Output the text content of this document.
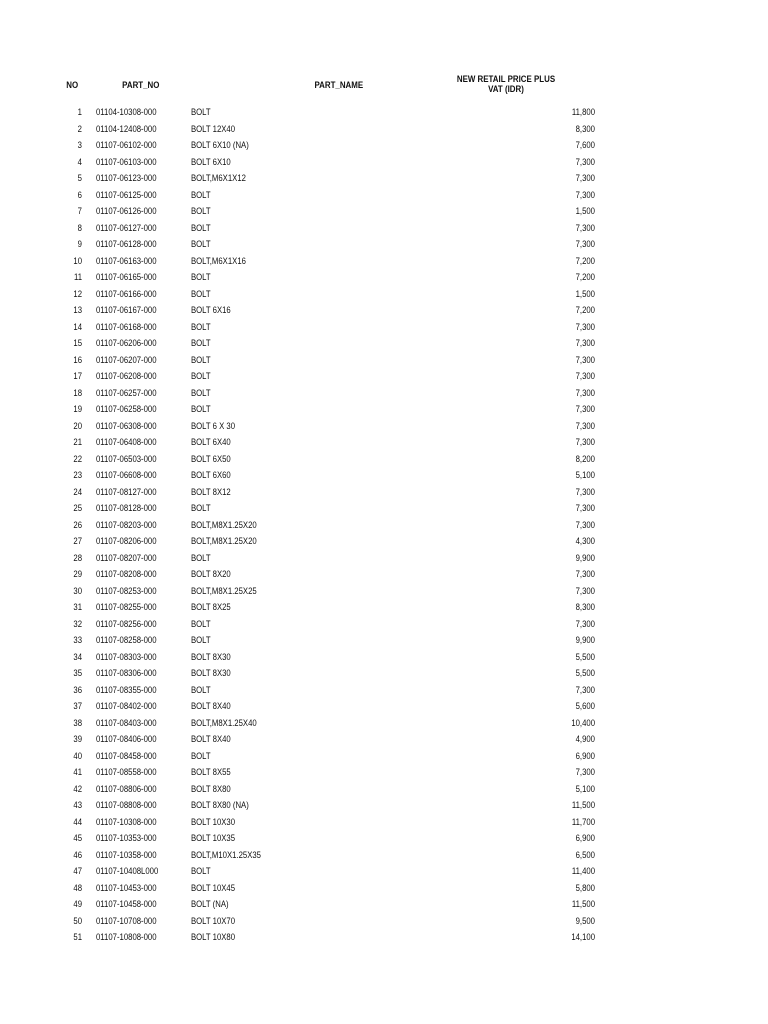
NO	PART_NO	PART_NAME
NEW RETAIL PRICE PLUS
VAT (IDR)
1 01104-10308-000	BOLT	11,800
2 01104-12408-000	BOLT 12X40	8,300
3 01107-06102-000	BOLT 6X10 (NA)	7,600
4 01107-06103-000	BOLT 6X10	7,300
5 01107-06123-000	BOLT,M6X1X12	7,300
6 01107-06125-000	BOLT	7,300
7 01107-06126-000	BOLT	1,500
8 01107-06127-000	BOLT	7,300
9 01107-06128-000	BOLT	7,300
10 01107-06163-000	BOLT,M6X1X16	7,200
11 01107-06165-000	BOLT	7,200
12 01107-06166-000	BOLT	1,500
13 01107-06167-000	BOLT 6X16	7,200
14 01107-06168-000	BOLT	7,300
15 01107-06206-000	BOLT	7,300
16 01107-06207-000	BOLT	7,300
17 01107-06208-000	BOLT	7,300
18 01107-06257-000	BOLT	7,300
19 01107-06258-000	BOLT	7,300
20 01107-06308-000	BOLT 6 X 30	7,300
21 01107-06408-000	BOLT 6X40	7,300
22 01107-06503-000	BOLT 6X50	8,200
23 01107-06608-000	BOLT 6X60	5,100
24 01107-08127-000	BOLT 8X12	7,300
25 01107-08128-000	BOLT	7,300
26 01107-08203-000	BOLT,M8X1.25X20	7,300
27 01107-08206-000	BOLT,M8X1.25X20	4,300
28 01107-08207-000	BOLT	9,900
29 01107-08208-000	BOLT 8X20	7,300
30 01107-08253-000	BOLT,M8X1.25X25	7,300
31 01107-08255-000	BOLT 8X25	8,300
32 01107-08256-000	BOLT	7,300
33 01107-08258-000	BOLT	9,900
34 01107-08303-000	BOLT 8X30	5,500
35 01107-08306-000	BOLT 8X30	5,500
36 01107-08355-000	BOLT	7,300
37 01107-08402-000	BOLT 8X40	5,600
38 01107-08403-000	BOLT,M8X1.25X40	10,400
39 01107-08406-000	BOLT 8X40	4,900
40 01107-08458-000	BOLT	6,900
41 01107-08558-000	BOLT 8X55	7,300
42 01107-08806-000	BOLT 8X80	5,100
43 01107-08808-000	BOLT 8X80 (NA)	11,500
44 01107-10308-000	BOLT 10X30	11,700
45 01107-10353-000	BOLT 10X35	6,900
46 01107-10358-000	BOLT,M10X1.25X35	6,500
47 01107-10408L000	BOLT	11,400
48 01107-10453-000	BOLT 10X45	5,800
49 01107-10458-000	BOLT (NA)	11,500
50 01107-10708-000	BOLT 10X70	9,500
51 01107-10808-000	BOLT 10X80	14,100
